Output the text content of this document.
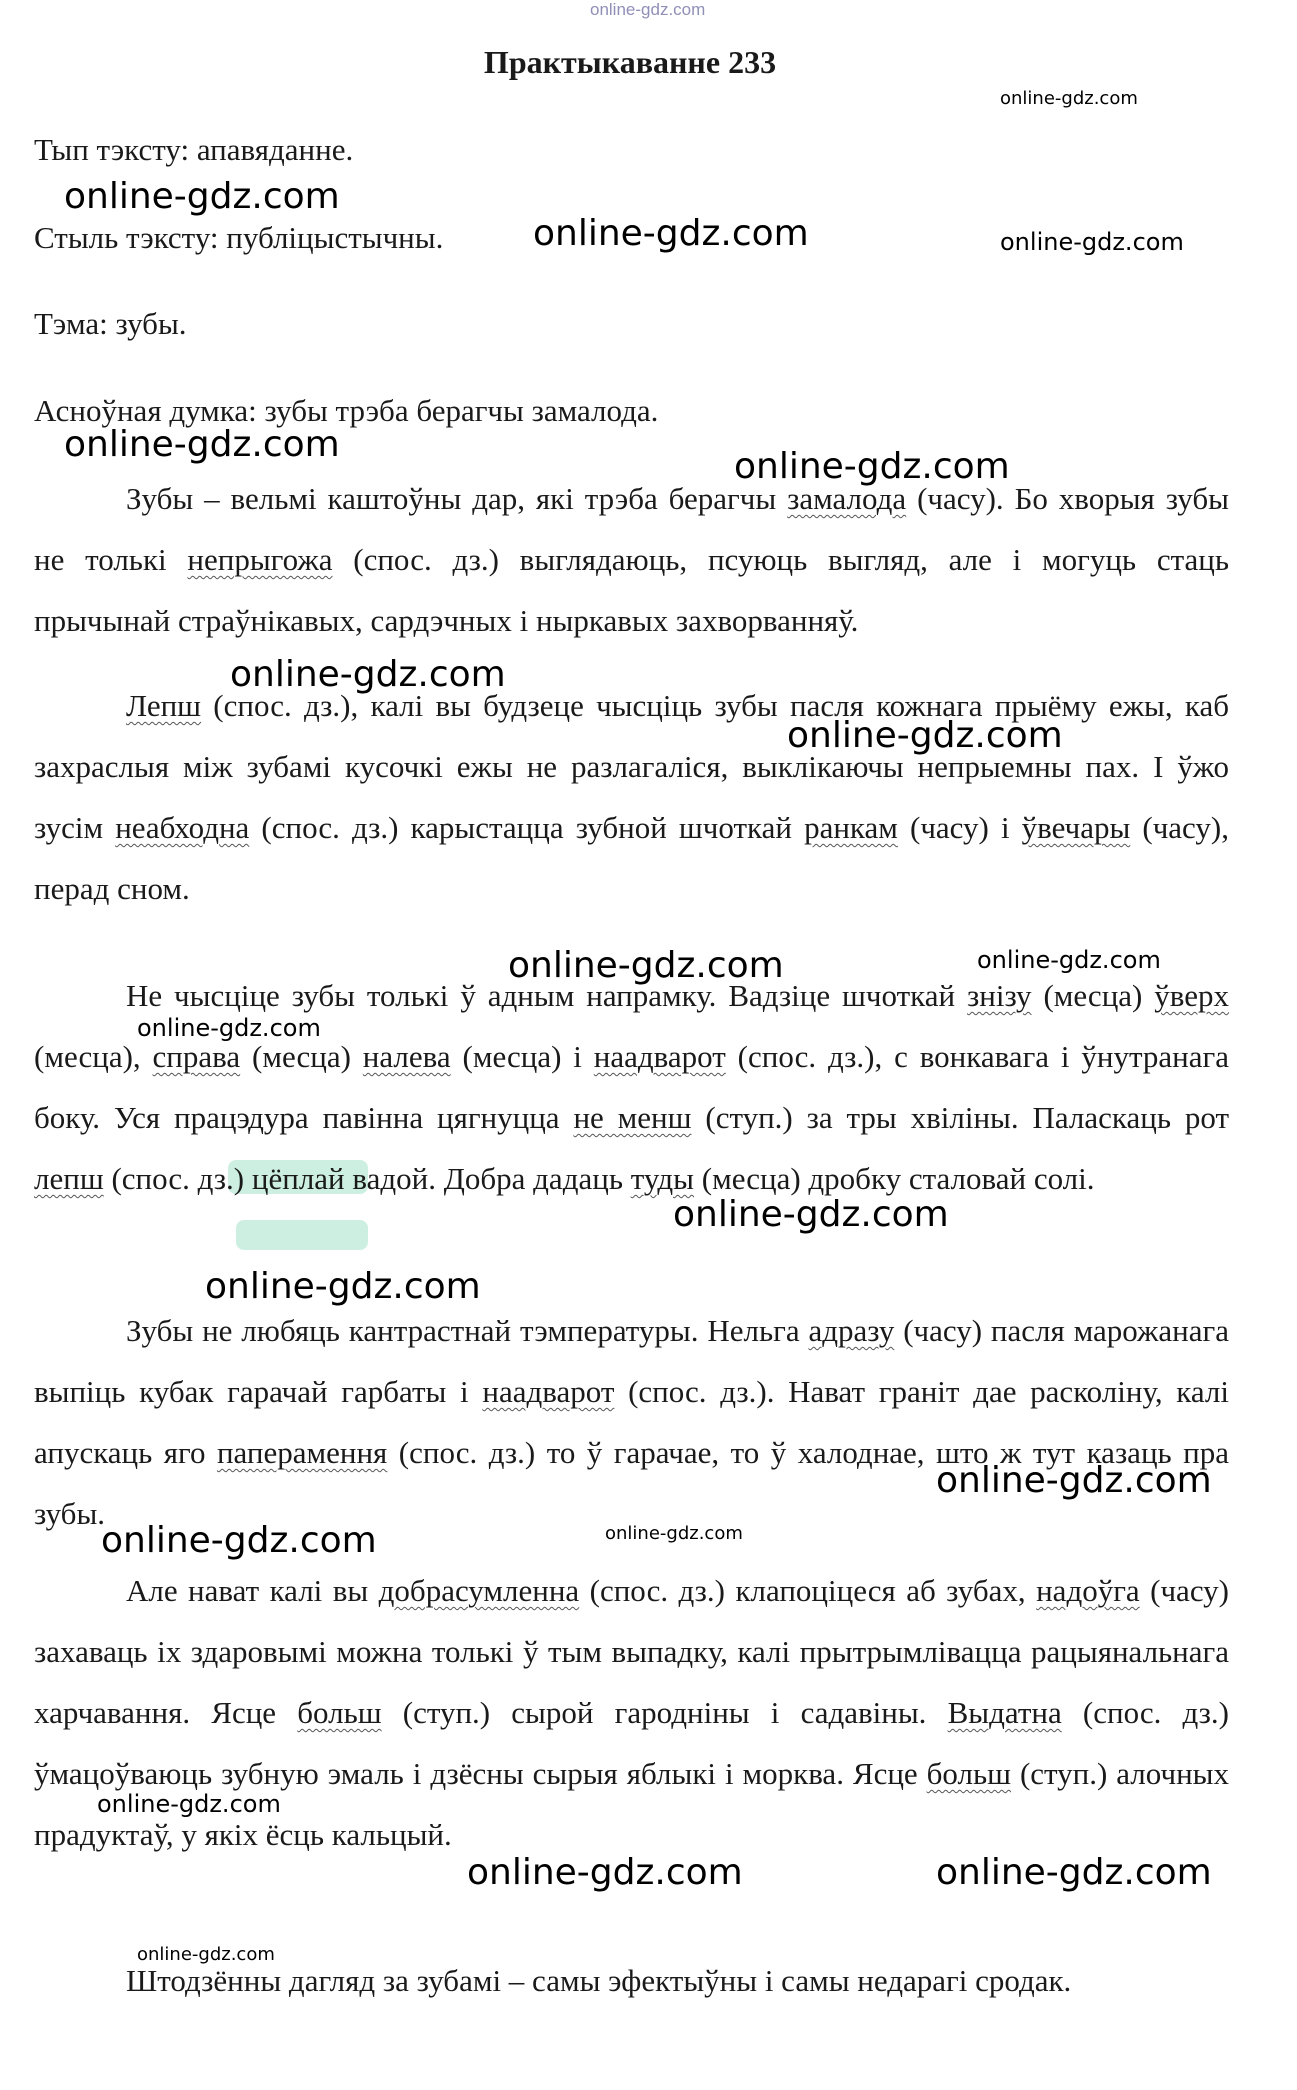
online-gdz.com
Практыкаванне 233
Тып тэксту: апавяданне.
Стыль тэксту: публіцыстычны.
Тэма: зубы.
Асноўная думка: зубы трэба берагчы замалода.
Зубы – вельмі каштоўны дар, які трэба берагчы замалода (часу). Бо хворыя зубы не толькі непрыгожа (спос. дз.) выглядаюць, псуюць выгляд, але і могуць стаць прычынай страўнікавых, сардэчных і ныркавых захворванняў.
Лепш (спос. дз.), калі вы будзеце чысціць зубы пасля кожнага прыёму ежы, каб захраслыя між зубамі кусочкі ежы не разлагаліся, выклікаючы непрыемны пах. І ўжо зусім неабходна (спос. дз.) карыстацца зубной шчоткай ранкам (часу) і ўвечары (часу), перад сном.
Не чысціце зубы толькі ў адным напрамку. Вадзіце шчоткай знізу (месца) ўверх (месца), справа (месца) налева (месца) і наадварот (спос. дз.), с вонкавага і ўнутранага боку. Уся працэдура павінна цягнуцца не менш (ступ.) за тры хвіліны. Паласкаць рот лепш (спос. дз.) цёплай вадой. Добра дадаць туды (месца) дробку сталовай солі.
Зубы не любяць кантрастнай тэмпературы. Нельга адразу (часу) пасля марожанага выпіць кубак гарачай гарбаты і наадварот (спос. дз.). Нават граніт дае расколіну, калі апускаць яго паперамення (спос. дз.) то ў гарачае, то ў халоднае, што ж тут казаць пра зубы.
Але нават калі вы добрасумленна (спос. дз.) клапоціцеся аб зубах, надоўга (часу) захаваць іх здаровымі можна толькі ў тым выпадку, калі прытрымлівацца рацыянальнага харчавання. Ясце больш (ступ.) сырой гародніны і садавіны. Выдатна (спос. дз.) ўмацоўваюць зубную эмаль і дзёсны сырыя яблыкі і морква. Ясце больш (ступ.) алочных прадуктаў, у якіх ёсць кальцый.
Штодзённы дагляд за зубамі – самы эфектыўны і самы недарагі сродак.
online-gdz.com
online-gdz.com
online-gdz.com	online-gdz.com
online-gdz.com
online-gdz.com
online-gdz.com
online-gdz.com
online-gdz.com	online-gdz.com
online-gdz.com
online-gdz.com
online-gdz.com
online-gdz.com
online-gdz.com	online-gdz.com
online-gdz.com
online-gdz.com	online-gdz.com
online-gdz.com
